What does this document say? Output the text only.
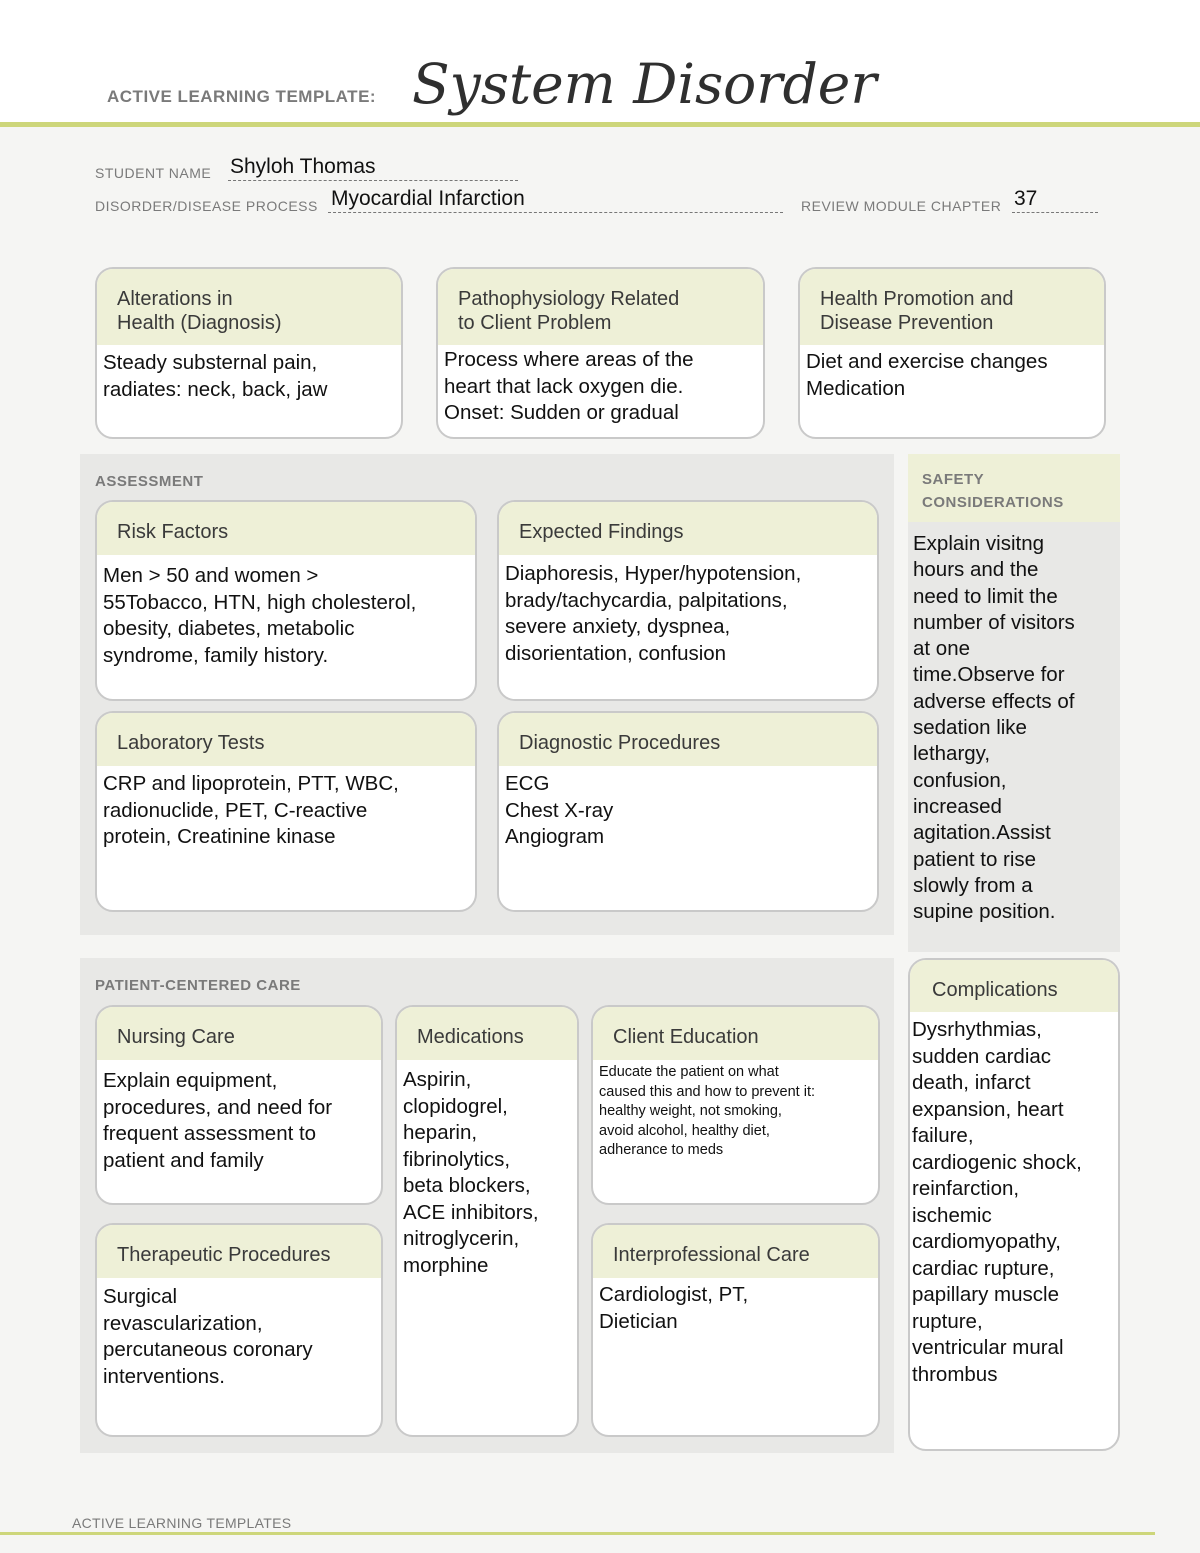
ACTIVE LEARNING TEMPLATE: System Disorder
STUDENT NAME Shyloh Thomas
DISORDER/DISEASE PROCESS Myocardial Infarction	REVIEW MODULE CHAPTER 37
Alterations in
Health (Diagnosis)
Steady substernal pain,
radiates: neck, back, jaw
Pathophysiology Related
to Client Problem
Process where areas of the
heart that lack oxygen die.
Onset: Sudden or gradual
Health Promotion and
Disease Prevention
Diet and exercise changes
Medication
ASSESSMENT
Risk Factors
Men > 50 and women >
55Tobacco, HTN, high cholesterol,
obesity, diabetes, metabolic
syndrome, family history.
Expected Findings
Diaphoresis, Hyper/hypotension,
brady/tachycardia, palpitations,
severe anxiety, dyspnea,
disorientation, confusion
Laboratory Tests
CRP and lipoprotein, PTT, WBC,
radionuclide, PET, C-reactive
protein, Creatinine kinase
Diagnostic Procedures
ECG
Chest X-ray
Angiogram
SAFETY
CONSIDERATIONS
Explain visitng
hours and the
need to limit the
number of visitors
at one
time.Observe for
adverse effects of
sedation like
lethargy,
confusion,
increased
agitation.Assist
patient to rise
slowly from a
supine position.
PATIENT-CENTERED CARE
Nursing Care
Explain equipment,
procedures, and need for
frequent assessment to
patient and family
Medications
Aspirin,
clopidogrel,
heparin,
fibrinolytics,
beta blockers,
ACE inhibitors,
nitroglycerin,
morphine
Client Education
Educate the patient on what
caused this and how to prevent it:
healthy weight, not smoking,
avoid alcohol, healthy diet,
adherance to meds
Therapeutic Procedures
Surgical
revascularization,
percutaneous coronary
interventions.
Interprofessional Care
Cardiologist, PT,
Dietician
Complications
Dysrhythmias,
sudden cardiac
death, infarct
expansion, heart
failure,
cardiogenic shock,
reinfarction,
ischemic
cardiomyopathy,
cardiac rupture,
papillary muscle
rupture,
ventricular mural
thrombus
ACTIVE LEARNING TEMPLATES
